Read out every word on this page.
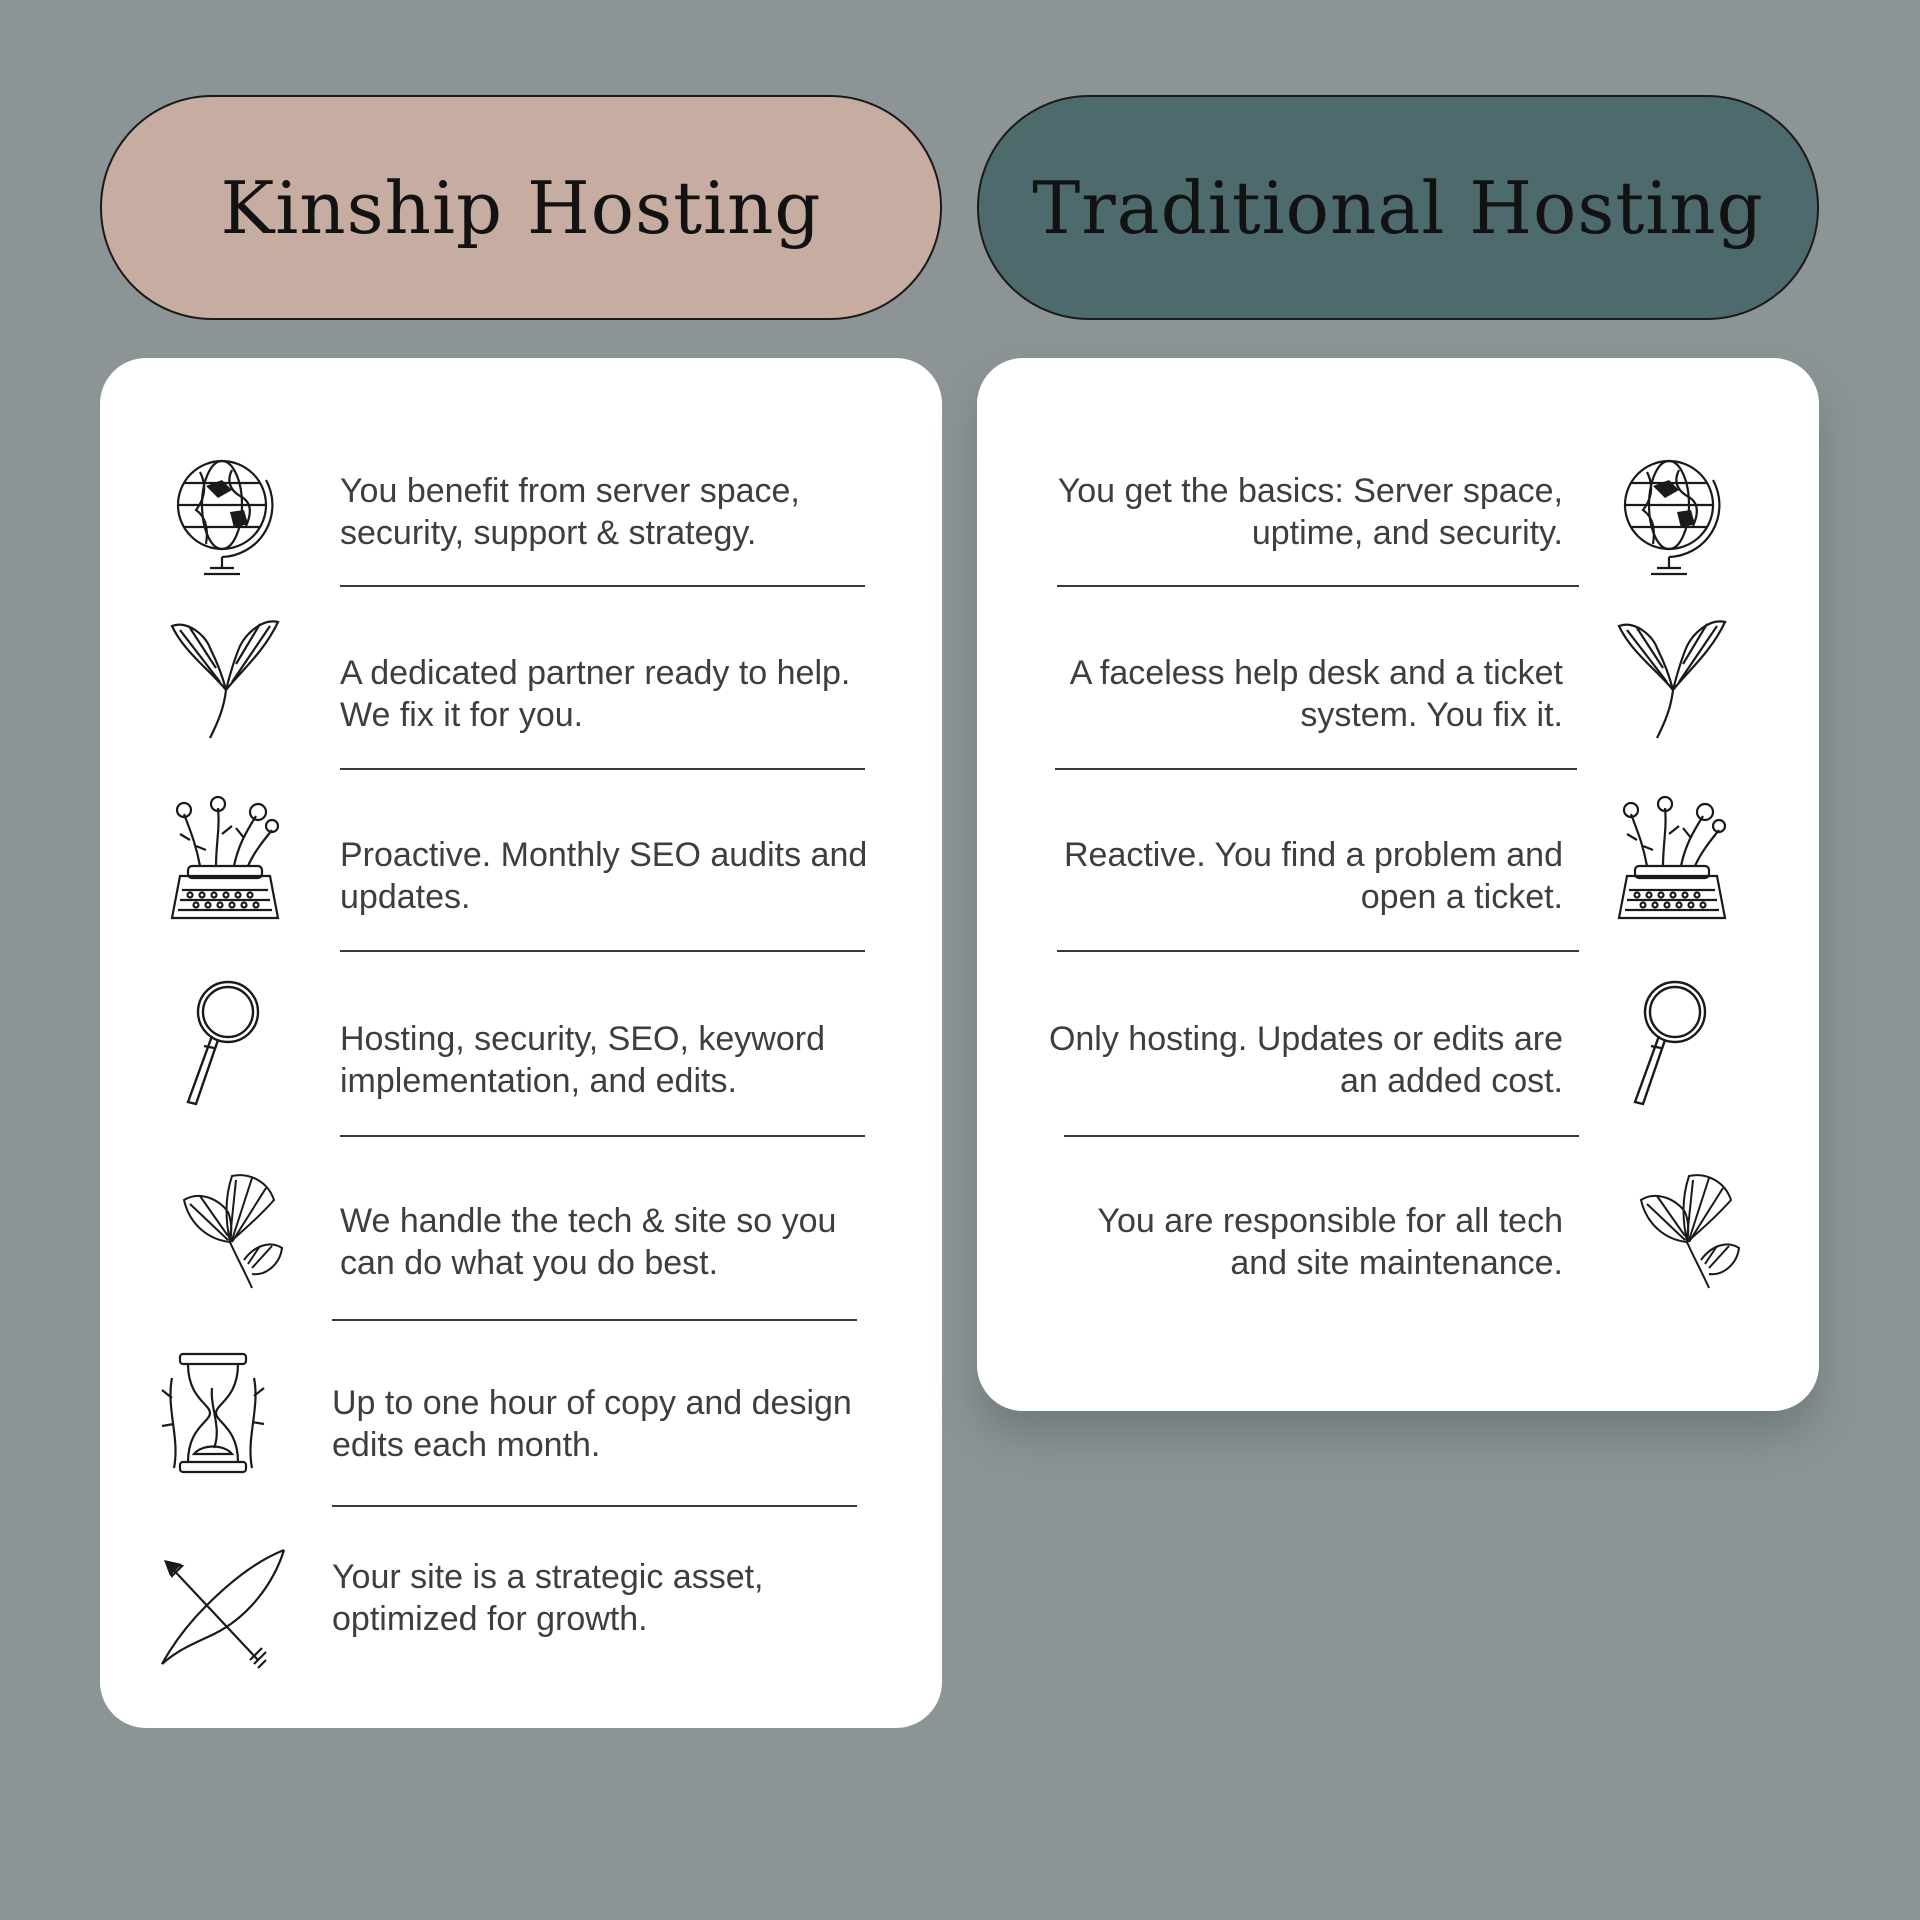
Kinship Hosting	Traditional Hosting
You benefit from server space, security, support & strategy.
A dedicated partner ready to help. We fix it for you.
Proactive. Monthly SEO audits and updates.
Hosting, security, SEO, keyword implementation, and edits.
We handle the tech & site so you can do what you do best.
Up to one hour of copy and design edits each month.
Your site is a strategic asset, optimized for growth.
You get the basics: Server space, uptime, and security.
A faceless help desk and a ticket system. You fix it.
Reactive. You find a problem and open a ticket.
Only hosting. Updates or edits are an added cost.
You are responsible for all tech and site maintenance.
